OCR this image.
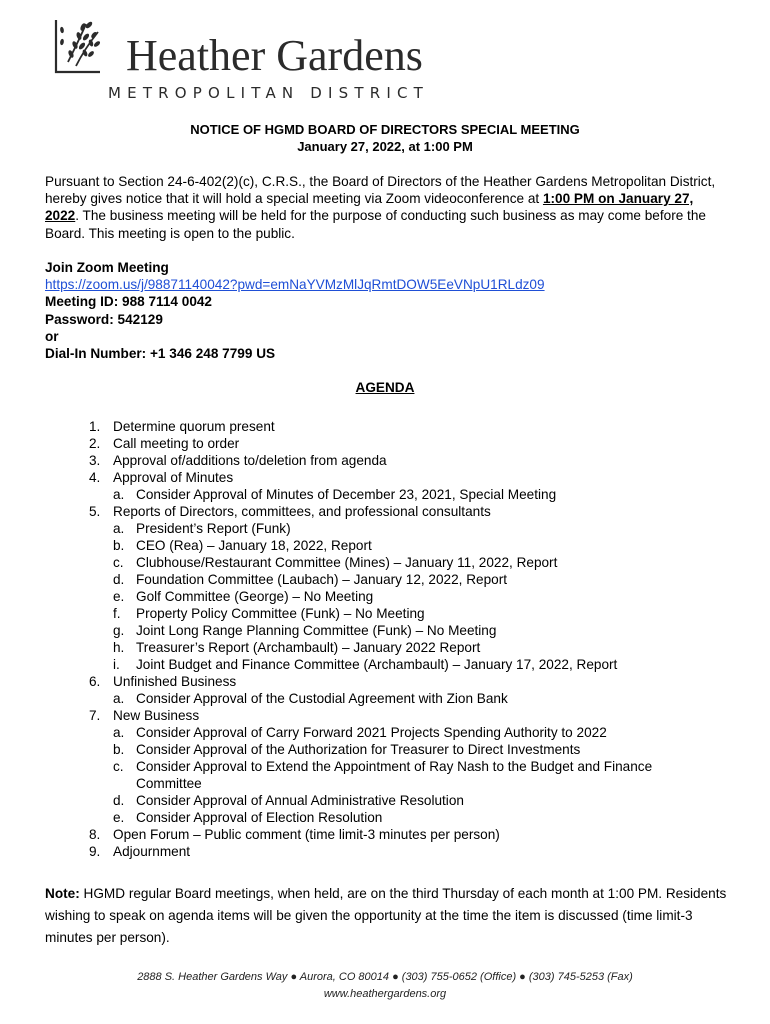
Heather Gardens
METROPOLITAN DISTRICT
NOTICE OF HGMD BOARD OF DIRECTORS SPECIAL MEETING
January 27, 2022, at 1:00 PM
Pursuant to Section 24-6-402(2)(c), C.R.S., the Board of Directors of the Heather Gardens Metropolitan District, hereby gives notice that it will hold a special meeting via Zoom videoconference at 1:00 PM on January 27, 2022. The business meeting will be held for the purpose of conducting such business as may come before the Board. This meeting is open to the public.
Join Zoom Meeting
https://zoom.us/j/98871140042?pwd=emNaYVMzMlJqRmtDOW5EeVNpU1RLdz09
Meeting ID: 988 7114 0042
Password: 542129
or
Dial-In Number: +1 346 248 7799 US
AGENDA
1. Determine quorum present
2. Call meeting to order
3. Approval of/additions to/deletion from agenda
4. Approval of Minutes
a. Consider Approval of Minutes of December 23, 2021, Special Meeting
5. Reports of Directors, committees, and professional consultants
a. President’s Report (Funk)
b. CEO (Rea) – January 18, 2022, Report
c. Clubhouse/Restaurant Committee (Mines) – January 11, 2022, Report
d. Foundation Committee (Laubach) – January 12, 2022, Report
e. Golf Committee (George) – No Meeting
f. Property Policy Committee (Funk) – No Meeting
g. Joint Long Range Planning Committee (Funk) – No Meeting
h. Treasurer’s Report (Archambault) – January 2022 Report
i. Joint Budget and Finance Committee (Archambault) – January 17, 2022, Report
6. Unfinished Business
a. Consider Approval of the Custodial Agreement with Zion Bank
7. New Business
a. Consider Approval of Carry Forward 2021 Projects Spending Authority to 2022
b. Consider Approval of the Authorization for Treasurer to Direct Investments
c. Consider Approval to Extend the Appointment of Ray Nash to the Budget and Finance
Committee
d. Consider Approval of Annual Administrative Resolution
e. Consider Approval of Election Resolution
8. Open Forum – Public comment (time limit-3 minutes per person)
9. Adjournment
Note: HGMD regular Board meetings, when held, are on the third Thursday of each month at 1:00 PM. Residents wishing to speak on agenda items will be given the opportunity at the time the item is discussed (time limit-3 minutes per person).
2888 S. Heather Gardens Way ● Aurora, CO 80014 ● (303) 755-0652 (Office) ● (303) 745-5253 (Fax)
www.heathergardens.org
